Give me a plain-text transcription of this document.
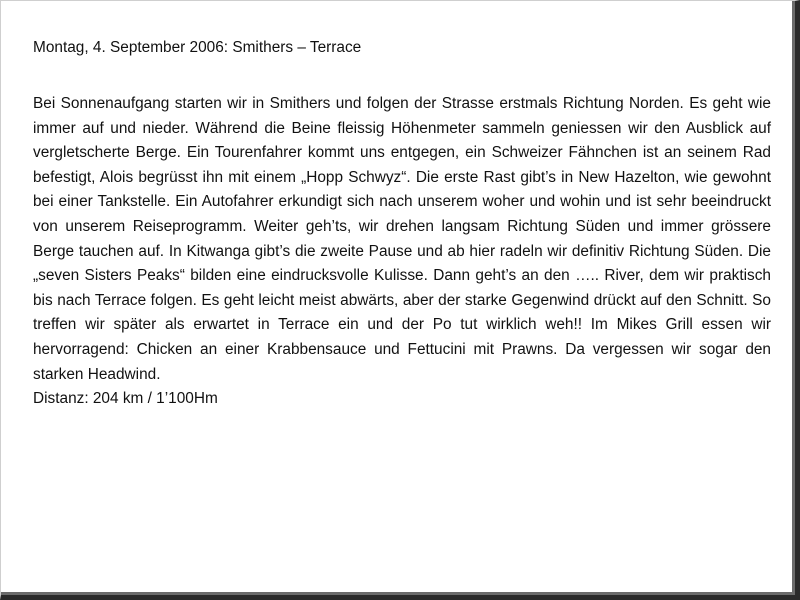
Montag, 4. September 2006: Smithers – Terrace

Bei Sonnenaufgang starten wir in Smithers und folgen der Strasse erstmals Richtung Norden. Es geht wie immer auf und nieder. Während die Beine fleissig Höhenmeter sammeln geniessen wir den Ausblick auf vergletscherte Berge. Ein Tourenfahrer kommt uns entgegen, ein Schweizer Fähnchen ist an seinem Rad befestigt, Alois begrüsst ihn mit einem „Hopp Schwyz“. Die erste Rast gibt’s in New Hazelton, wie gewohnt bei einer Tankstelle. Ein Autofahrer erkundigt sich nach unserem woher und wohin und ist sehr beeindruckt von unserem Reiseprogramm. Weiter geh’ts, wir drehen langsam Richtung Süden und immer grössere Berge tauchen auf. In Kitwanga gibt’s die zweite Pause und ab hier radeln wir definitiv Richtung Süden. Die „seven Sisters Peaks“ bilden eine eindrucksvolle Kulisse. Dann geht’s an den ….. River, dem wir praktisch bis nach Terrace folgen. Es geht leicht meist abwärts, aber der starke Gegenwind drückt auf den Schnitt. So treffen wir später als erwartet in Terrace ein und der Po tut wirklich weh!! Im Mikes Grill essen wir hervorragend: Chicken an einer Krabbensauce und Fettucini mit Prawns. Da vergessen wir sogar den starken Headwind.

Distanz: 204 km / 1’100Hm
